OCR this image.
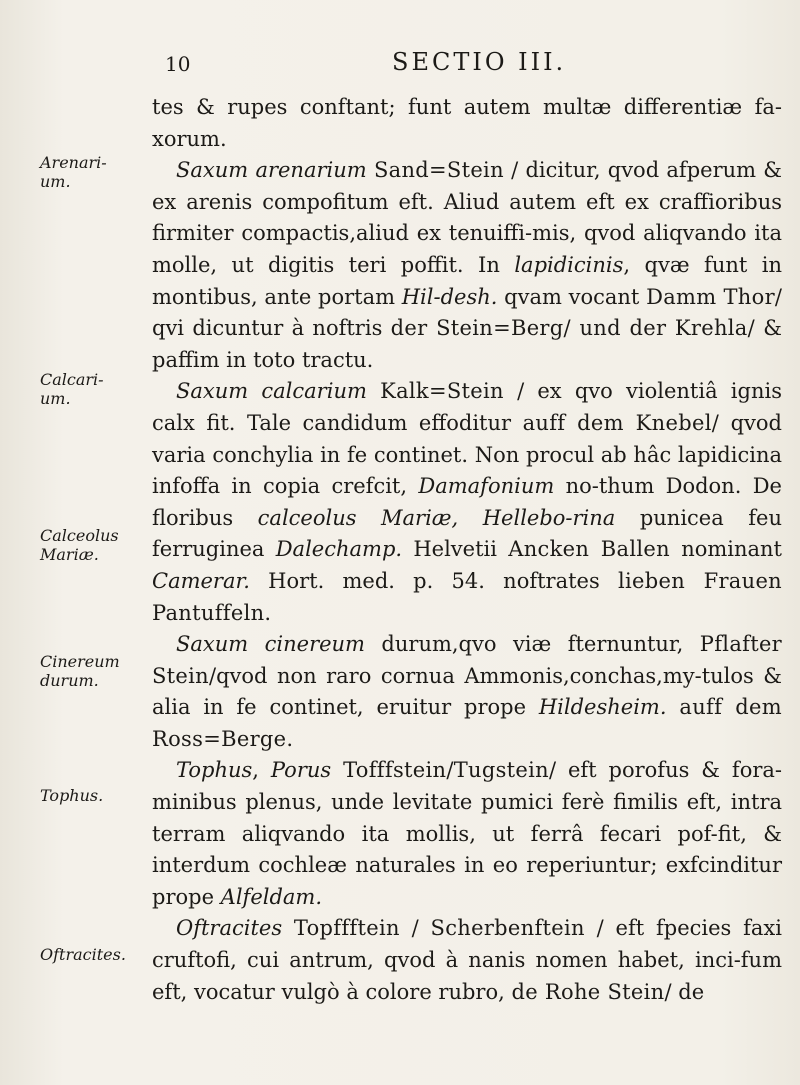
10	SECTIO III.
Arenari-um.
Calcari-um.
Calceolus Mariæ.
Cinereum durum.
Tophus.
Oftracites.

tes & rupes conftant; funt autem multæ differentiæ fa-xorum.

Saxum arenarium Sand=Stein / dicitur, qvod afperum & ex arenis compofitum eft. Aliud autem eft ex craffioribus firmiter compactis,aliud ex tenuiffi-mis, qvod aliqvando ita molle, ut digitis teri poffit. In lapidicinis, qvæ funt in montibus, ante portam Hil-desh. qvam vocant Damm Thor/ qvi dicuntur à noftris der Stein=Berg/ und der Krehla/ & paffim in toto tractu.

Saxum calcarium Kalk=Stein / ex qvo violentiâ ignis calx fit. Tale candidum effoditur auff dem Knebel/ qvod varia conchylia in fe continet. Non procul ab hâc lapidicina infoffa in copia crefcit, Damafonium no-thum Dodon. De floribus calceolus Mariæ, Hellebo-rina punicea feu ferruginea Dalechamp. Helvetii Ancken Ballen nominant Camerar. Hort. med. p. 54. noftrates lieben Frauen Pantuffeln.

Saxum cinereum durum,qvo viæ fternuntur, Pflafter Stein/qvod non raro cornua Ammonis,conchas,my-tulos & alia in fe continet, eruitur prope Hildesheim. auff dem Ross=Berge.

Tophus, Porus Tofffstein/Tugstein/ eft porofus & fora-minibus plenus, unde levitate pumici ferè fimilis eft, intra terram aliqvando ita mollis, ut ferrâ fecari pof-fit, & interdum cochleæ naturales in eo reperiuntur; exfcinditur prope Alfeldam.

Oftracites Topffftein / Scherbenftein / eft fpecies faxi cruftofi, cui antrum, qvod à nanis nomen habet, inci-fum eft, vocatur vulgò à colore rubro, de Rohe Stein/ de
